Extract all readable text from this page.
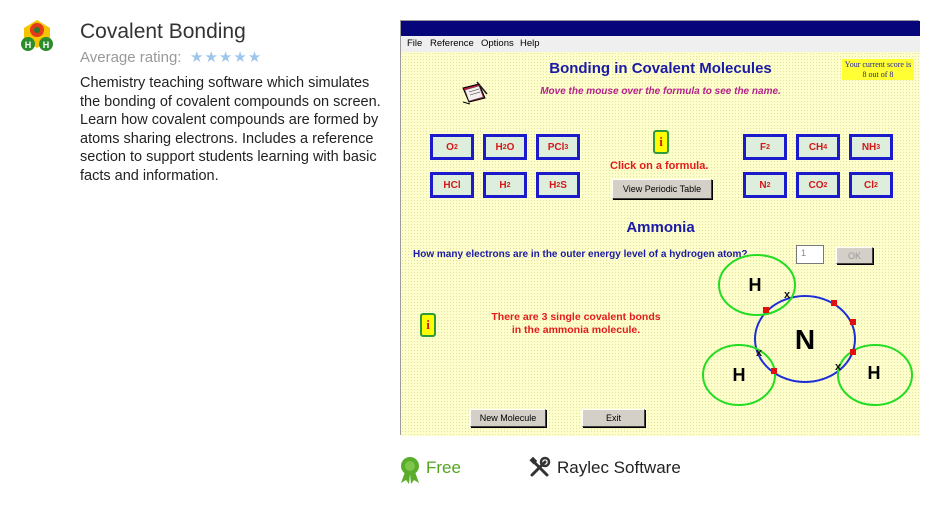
H H
Covalent Bonding
Average rating: ★★★★★
Chemistry teaching software which simulates the bonding of covalent compounds on screen. Learn how covalent compounds are formed by atoms sharing electrons. Includes a reference section to support students learning with basic facts and information.
File Reference Options Help
Bonding in Covalent Molecules	Your current score is
8 out of 8
Move the mouse over the formula to see the name.
O 2	H 2 O	PCl 3
HCl	H 2	H 2 S
F 2	CH 4	NH 3
N 2	CO 2	Cl 2
i
Click on a formula.
View Periodic Table
Ammonia
How many electrons are in the outer energy level of a hydrogen atom?	1	OK
i	There are 3 single covalent bonds
in the ammonia molecule.
New Molecule	Exit
N
H
H	H
x
x
x
Free	Raylec Software
